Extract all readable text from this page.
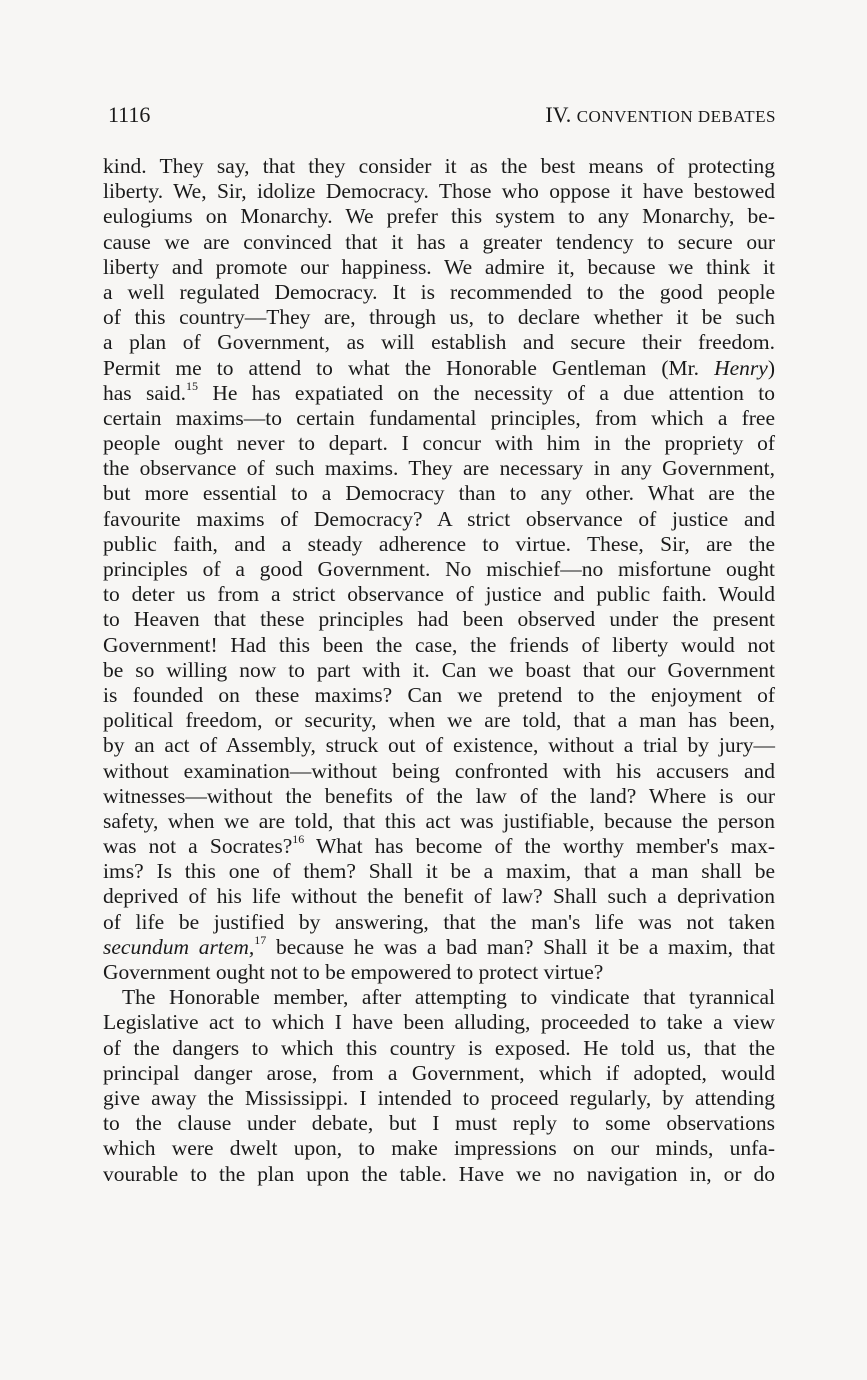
1116	IV. CONVENTION DEBATES
kind. They say, that they consider it as the best means of protecting
liberty. We, Sir, idolize Democracy. Those who oppose it have bestowed
eulogiums on Monarchy. We prefer this system to any Monarchy, be-
cause we are convinced that it has a greater tendency to secure our
liberty and promote our happiness. We admire it, because we think it
a well regulated Democracy. It is recommended to the good people
of this country—They are, through us, to declare whether it be such
a plan of Government, as will establish and secure their freedom.
Permit me to attend to what the Honorable Gentleman (Mr. Henry)
has said.$^{15}$ He has expatiated on the necessity of a due attention to
certain maxims—to certain fundamental principles, from which a free
people ought never to depart. I concur with him in the propriety of
the observance of such maxims. They are necessary in any Government,
but more essential to a Democracy than to any other. What are the
favourite maxims of Democracy? A strict observance of justice and
public faith, and a steady adherence to virtue. These, Sir, are the
principles of a good Government. No mischief—no misfortune ought
to deter us from a strict observance of justice and public faith. Would
to Heaven that these principles had been observed under the present
Government! Had this been the case, the friends of liberty would not
be so willing now to part with it. Can we boast that our Government
is founded on these maxims? Can we pretend to the enjoyment of
political freedom, or security, when we are told, that a man has been,
by an act of Assembly, struck out of existence, without a trial by jury—
without examination—without being confronted with his accusers and
witnesses—without the benefits of the law of the land? Where is our
safety, when we are told, that this act was justifiable, because the person
was not a Socrates?$^{16}$ What has become of the worthy member's max-
ims? Is this one of them? Shall it be a maxim, that a man shall be
deprived of his life without the benefit of law? Shall such a deprivation
of life be justified by answering, that the man's life was not taken
secundum artem,$^{17}$ because he was a bad man? Shall it be a maxim, that
Government ought not to be empowered to protect virtue?
The Honorable member, after attempting to vindicate that tyrannical
Legislative act to which I have been alluding, proceeded to take a view
of the dangers to which this country is exposed. He told us, that the
principal danger arose, from a Government, which if adopted, would
give away the Mississippi. I intended to proceed regularly, by attending
to the clause under debate, but I must reply to some observations
which were dwelt upon, to make impressions on our minds, unfa-
vourable to the plan upon the table. Have we no navigation in, or do
